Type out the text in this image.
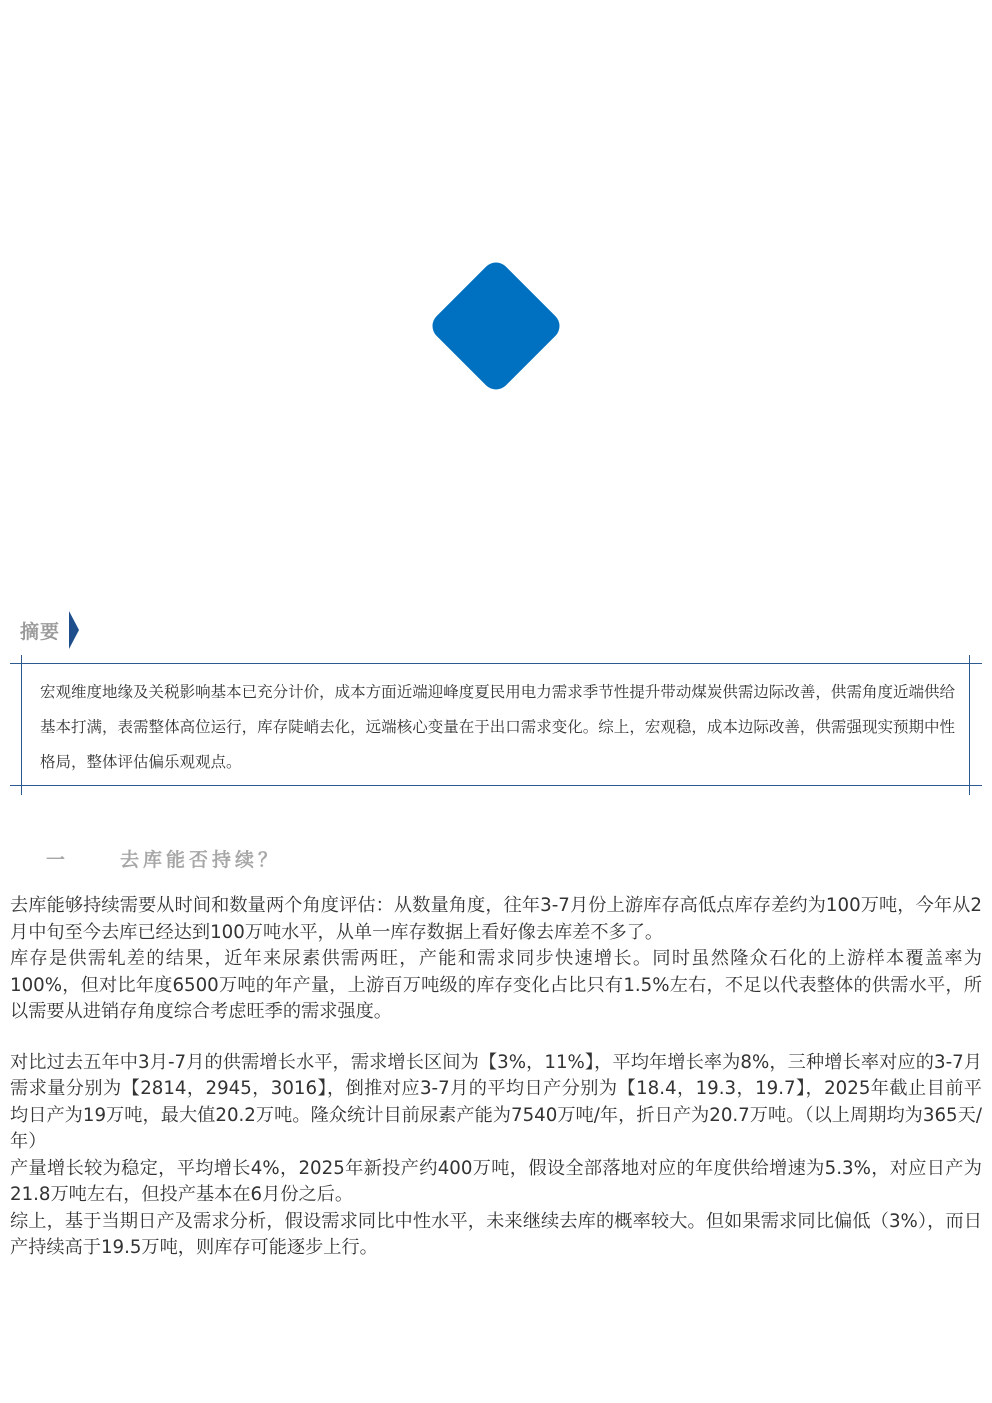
摘要
宏观维度地缘及关税影响基本已充分计价，成本方面近端迎峰度夏民用电力需求季节性提升带动煤炭供需边际改善，供需角度近端供给基本打满，表需整体高位运行，库存陡峭去化，远端核心变量在于出口需求变化。综上，宏观稳，成本边际改善，供需强现实预期中性格局，整体评估偏乐观观点。
一	去库能否持续？

去库能够持续需要从时间和数量两个角度评估：从数量角度，往年3-7月份上游库存高低点库存差约为100万吨，今年从2月中旬至今去库已经达到100万吨水平，从单一库存数据上看好像去库差不多了。

库存是供需轧差的结果，近年来尿素供需两旺，产能和需求同步快速增长。同时虽然隆众石化的上游样本覆盖率为100%，但对比年度6500万吨的年产量，上游百万吨级的库存变化占比只有1.5%左右，不足以代表整体的供需水平，所以需要从进销存角度综合考虑旺季的需求强度。

对比过去五年中3月-7月的供需增长水平，需求增长区间为【3%，11%】，平均年增长率为8%，三种增长率对应的3-7月需求量分别为【2814，2945，3016】，倒推对应3-7月的平均日产分别为【18.4，19.3，19.7】，2025年截止目前平均日产为19万吨，最大值20.2万吨。隆众统计目前尿素产能为7540万吨/年，折日产为20.7万吨。（以上周期均为365天/年）

产量增长较为稳定，平均增长4%，2025年新投产约400万吨，假设全部落地对应的年度供给增速为5.3%，对应日产为21.8万吨左右，但投产基本在6月份之后。

综上，基于当期日产及需求分析，假设需求同比中性水平，未来继续去库的概率较大。但如果需求同比偏低（3%），而日产持续高于19.5万吨，则库存可能逐步上行。
